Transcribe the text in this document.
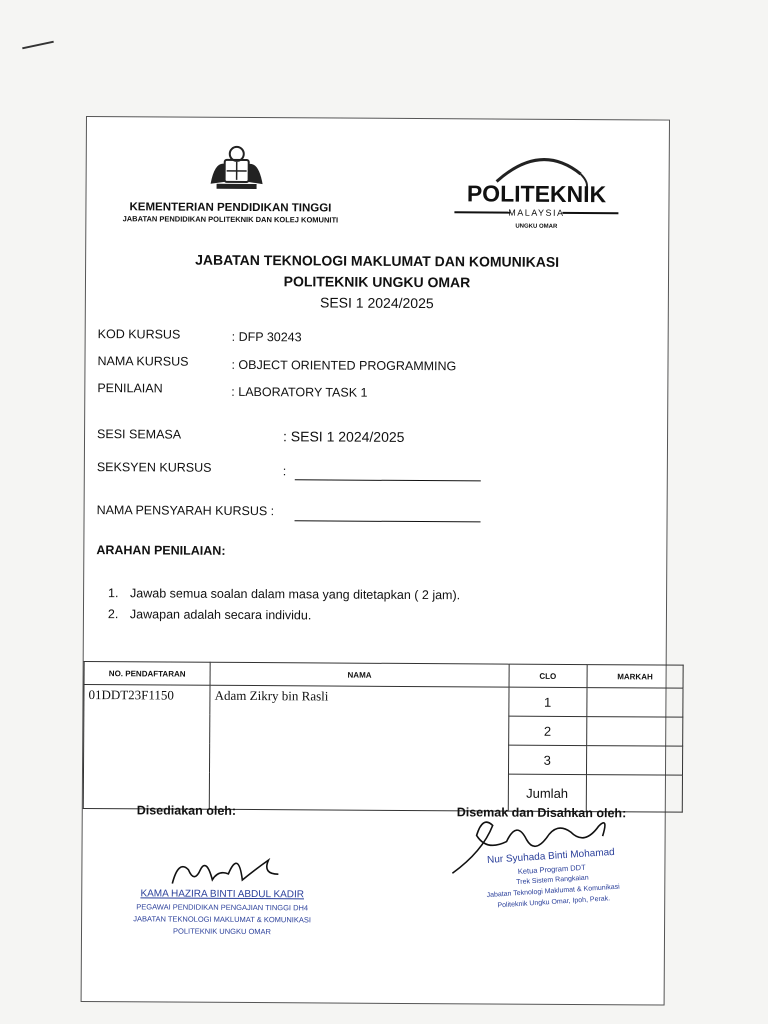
KEMENTERIAN PENDIDIKAN TINGGI
JABATAN PENDIDIKAN POLITEKNIK DAN KOLEJ KOMUNITI
POLITEKNIK
MALAYSIA
UNGKU OMAR
JABATAN TEKNOLOGI MAKLUMAT DAN KOMUNIKASI
POLITEKNIK UNGKU OMAR
SESI 1 2024/2025
KOD KURSUS	: DFP 30243
NAMA KURSUS	: OBJECT ORIENTED PROGRAMMING
PENILAIAN	: LABORATORY TASK 1
SESI SEMASA	: SESI 1 2024/2025
SEKSYEN KURSUS	:
NAMA PENSYARAH KURSUS :
ARAHAN PENILAIAN:
1. Jawab semua soalan dalam masa yang ditetapkan ( 2 jam).
2. Jawapan adalah secara individu.
NO. PENDAFTARAN	NAMA	CLO	MARKAH
01DDT23F1150	Adam Zikry bin Rasli	1	
		2	
		3	
		Jumlah	
Disediakan oleh:	Disemak dan Disahkan oleh:
KAMA HAZIRA BINTI ABDUL KADIR
PEGAWAI PENDIDIKAN PENGAJIAN TINGGI DH4
JABATAN TEKNOLOGI MAKLUMAT & KOMUNIKASI
POLITEKNIK UNGKU OMAR
Nur Syuhada Binti Mohamad
Ketua Program DDT
Trek Sistem Rangkaian
Jabatan Teknologi Maklumat & Komunikasi
Politeknik Ungku Omar, Ipoh, Perak.
